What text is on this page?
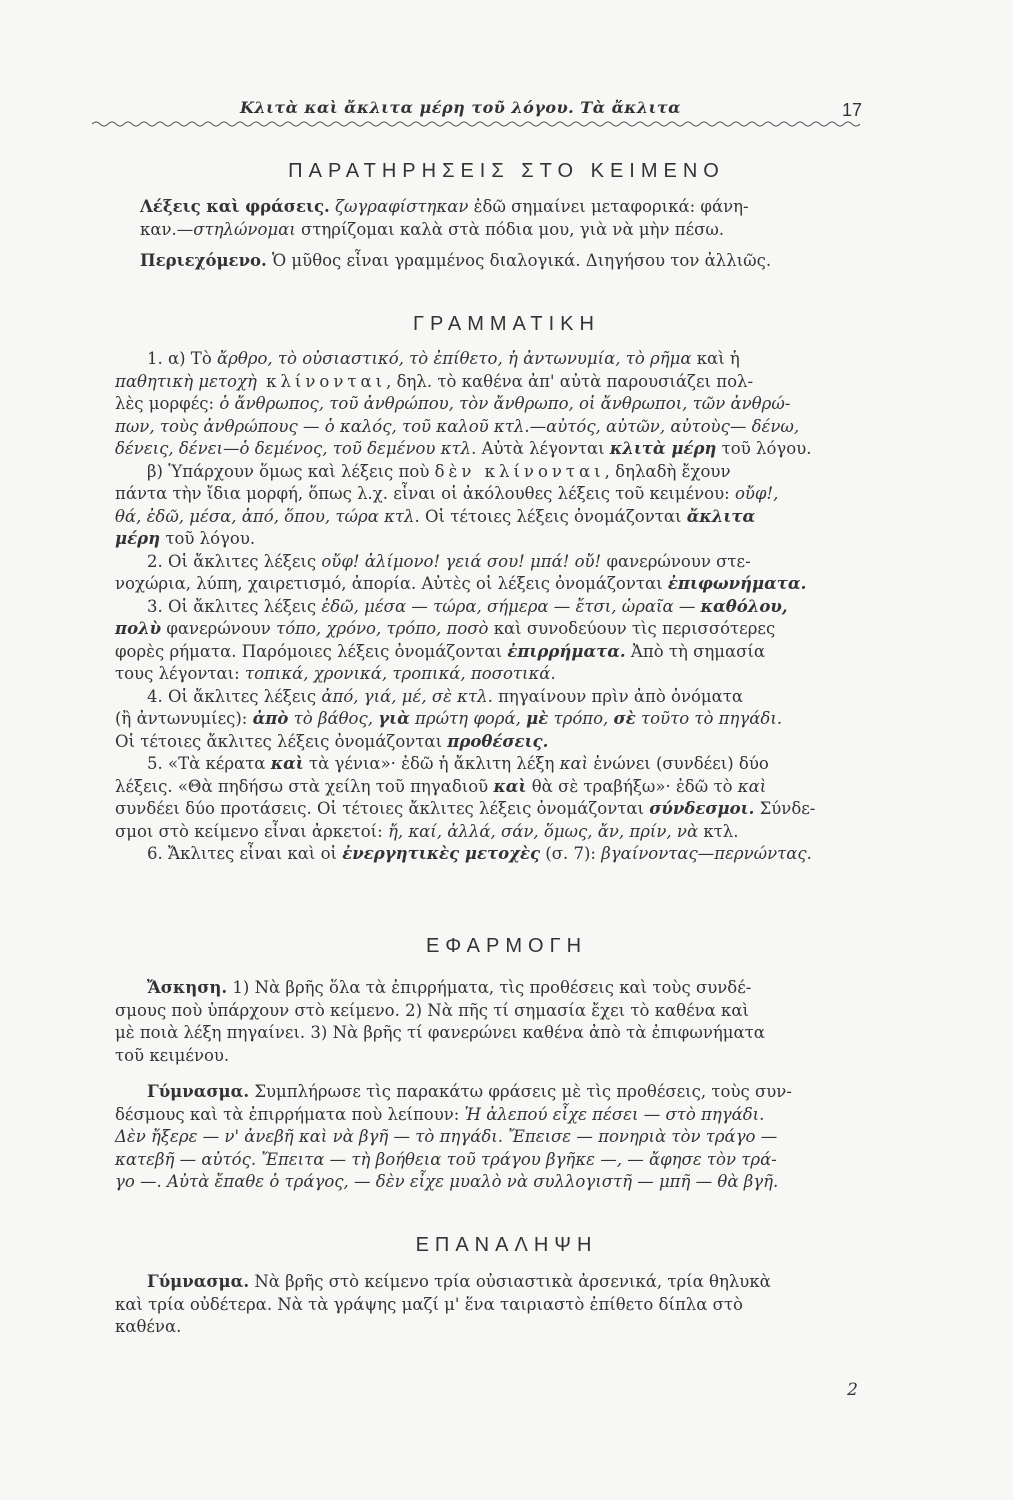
Κλιτὰ καὶ ἄκλιτα μέρη τοῦ λόγου. Τὰ ἄκλιτα	17
ΠΑΡΑΤΗΡΗΣΕΙΣ ΣΤΟ ΚΕΙΜΕΝΟ

Λέξεις καὶ φράσεις. ζωγραφίστηκαν ἐδῶ σημαίνει μεταφορικά: φάνη-

καν.—στηλώνομαι στηρίζομαι καλὰ στὰ πόδια μου, γιὰ νὰ μὴν πέσω.

Περιεχόμενο. Ὁ μῦθος εἶναι γραμμένος διαλογικά. Διηγήσου τον ἀλλιῶς.

ΓΡΑΜΜΑΤΙΚΗ

1. α) Τὸ ἄρθρο, τὸ οὐσιαστικό, τὸ ἐπίθετο, ἡ ἀντωνυμία, τὸ ρῆμα καὶ ἡ

παθητικὴ μετοχὴ κλίνονται, δηλ. τὸ καθένα ἀπ' αὐτὰ παρουσιάζει πολ-

λὲς μορφές: ὁ ἄνθρωπος, τοῦ ἀνθρώπου, τὸν ἄνθρωπο, οἱ ἄνθρωποι, τῶν ἀνθρώ-

πων, τοὺς ἀνθρώπους — ὁ καλός, τοῦ καλοῦ κτλ.—αὐτός, αὐτῶν, αὐτοὺς— δένω,

δένεις, δένει—ὁ δεμένος, τοῦ δεμένου κτλ. Αὐτὰ λέγονται κλιτὰ μέρη τοῦ λόγου.

β) Ὑπάρχουν ὅμως καὶ λέξεις ποὺ δὲν κλίνονται, δηλαδὴ ἔχουν

πάντα τὴν ἴδια μορφή, ὅπως λ.χ. εἶναι οἱ ἀκόλουθες λέξεις τοῦ κειμένου: οὔφ!,

θά, ἐδῶ, μέσα, ἀπό, ὅπου, τώρα κτλ. Οἱ τέτοιες λέξεις ὀνομάζονται ἄκλιτα

μέρη τοῦ λόγου.

2. Οἱ ἄκλιτες λέξεις οὔφ! ἀλίμονο! γειά σου! μπά! οὔ! φανερώνουν στε-

νοχώρια, λύπη, χαιρετισμό, ἀπορία. Αὐτὲς οἱ λέξεις ὀνομάζονται ἐπιφωνήματα.

3. Οἱ ἄκλιτες λέξεις ἐδῶ, μέσα — τώρα, σήμερα — ἔτσι, ὡραῖα — καθόλου,

πολὺ φανερώνουν τόπο, χρόνο, τρόπο, ποσὸ καὶ συνοδεύουν τὶς περισσότερες

φορὲς ρήματα. Παρόμοιες λέξεις ὀνομάζονται ἐπιρρήματα. Ἀπὸ τὴ σημασία

τους λέγονται: τοπικά, χρονικά, τροπικά, ποσοτικά.

4. Οἱ ἄκλιτες λέξεις ἀπό, γιά, μέ, σὲ κτλ. πηγαίνουν πρὶν ἀπὸ ὀνόματα

(ἢ ἀντωνυμίες): ἀπὸ τὸ βάθος, γιὰ πρώτη φορά, μὲ τρόπο, σὲ τοῦτο τὸ πηγάδι.

Οἱ τέτοιες ἄκλιτες λέξεις ὀνομάζονται προθέσεις.

5. «Τὰ κέρατα καὶ τὰ γένια»· ἐδῶ ἡ ἄκλιτη λέξη καὶ ἑνώνει (συνδέει) δύο

λέξεις. «Θὰ πηδήσω στὰ χείλη τοῦ πηγαδιοῦ καὶ θὰ σὲ τραβήξω»· ἐδῶ τὸ καὶ

συνδέει δύο προτάσεις. Οἱ τέτοιες ἄκλιτες λέξεις ὀνομάζονται σύνδεσμοι. Σύνδε-

σμοι στὸ κείμενο εἶναι ἀρκετοί: ἤ, καί, ἀλλά, σάν, ὅμως, ἄν, πρίν, νὰ κτλ.

6. Ἄκλιτες εἶναι καὶ οἱ ἐνεργητικὲς μετοχὲς (σ. 7): βγαίνοντας—περνώντας.

ΕΦΑΡΜΟΓΗ

Ἄσκηση. 1) Νὰ βρῆς ὅλα τὰ ἐπιρρήματα, τὶς προθέσεις καὶ τοὺς συνδέ-

σμους ποὺ ὑπάρχουν στὸ κείμενο. 2) Νὰ πῆς τί σημασία ἔχει τὸ καθένα καὶ

μὲ ποιὰ λέξη πηγαίνει. 3) Νὰ βρῆς τί φανερώνει καθένα ἀπὸ τὰ ἐπιφωνήματα

τοῦ κειμένου.

Γύμνασμα. Συμπλήρωσε τὶς παρακάτω φράσεις μὲ τὶς προθέσεις, τοὺς συν-

δέσμους καὶ τὰ ἐπιρρήματα ποὺ λείπουν: Ἡ ἀλεπού εἶχε πέσει — στὸ πηγάδι.

Δὲν ἤξερε — ν' ἀνεβῆ καὶ νὰ βγῆ — τὸ πηγάδι. Ἔπεισε — πονηριὰ τὸν τράγο —

κατεβῆ — αὐτός. Ἔπειτα — τὴ βοήθεια τοῦ τράγου βγῆκε —, — ἄφησε τὸν τρά-

γο —. Αὐτὰ ἔπαθε ὁ τράγος, — δὲν εἶχε μυαλὸ νὰ συλλογιστῆ — μπῆ — θὰ βγῆ.

ΕΠΑΝΑΛΗΨΗ

Γύμνασμα. Νὰ βρῆς στὸ κείμενο τρία οὐσιαστικὰ ἀρσενικά, τρία θηλυκὰ

καὶ τρία οὐδέτερα. Νὰ τὰ γράψης μαζί μ' ἕνα ταιριαστὸ ἐπίθετο δίπλα στὸ

καθένα.

2
